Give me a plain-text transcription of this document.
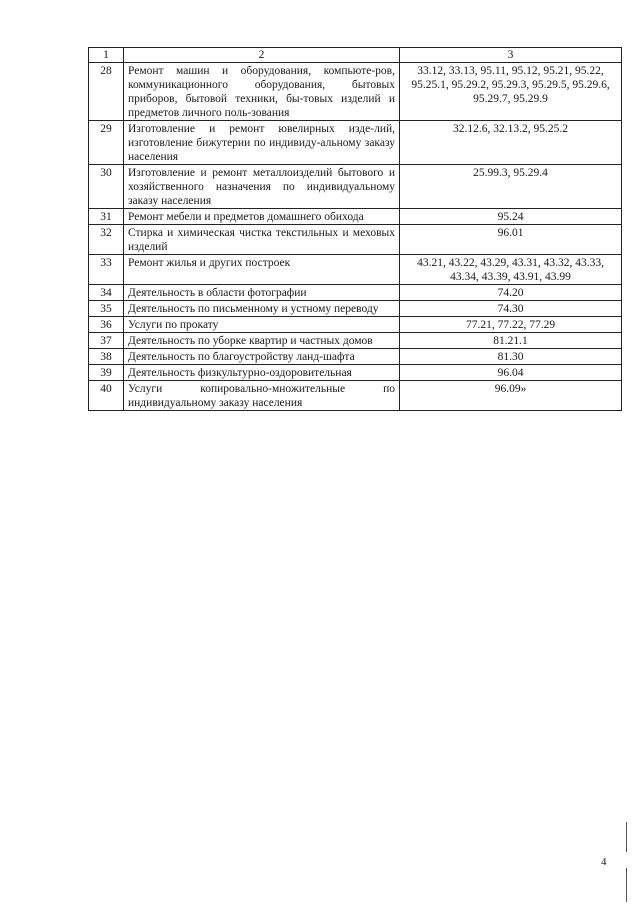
1	2	3
28	Ремонт машин и оборудования, компьюте-ров, коммуникационного оборудования, бытовых приборов, бытовой техники, бы-товых изделий и предметов личного поль-зования	33.12, 33.13, 95.11, 95.12, 95.21, 95.22, 95.25.1, 95.29.2, 95.29.3, 95.29.5, 95.29.6, 95.29.7, 95.29.9
29	Изготовление и ремонт ювелирных изде-лий, изготовление бижутерии по индивиду-альному заказу населения	32.12.6, 32.13.2, 95.25.2
30	Изготовление и ремонт металлоизделий бытового и хозяйственного назначения по индивидуальному заказу населения	25.99.3, 95.29.4
31	Ремонт мебели и предметов домашнего обихода	95.24
32	Стирка и химическая чистка текстильных и меховых изделий	96.01
33	Ремонт жилья и других построек	43.21, 43.22, 43.29, 43.31, 43.32, 43.33, 43.34, 43.39, 43.91, 43.99
34	Деятельность в области фотографии	74.20
35	Деятельность по письменному и устному переводу	74.30
36	Услуги по прокату	77.21, 77.22, 77.29
37	Деятельность по уборке квартир и частных домов	81.21.1
38	Деятельность по благоустройству ланд-шафта	81.30
39	Деятельность физкультурно-оздоровительная	96.04
40	Услуги копировально-множительные по индивидуальному заказу населения	96.09»
4
